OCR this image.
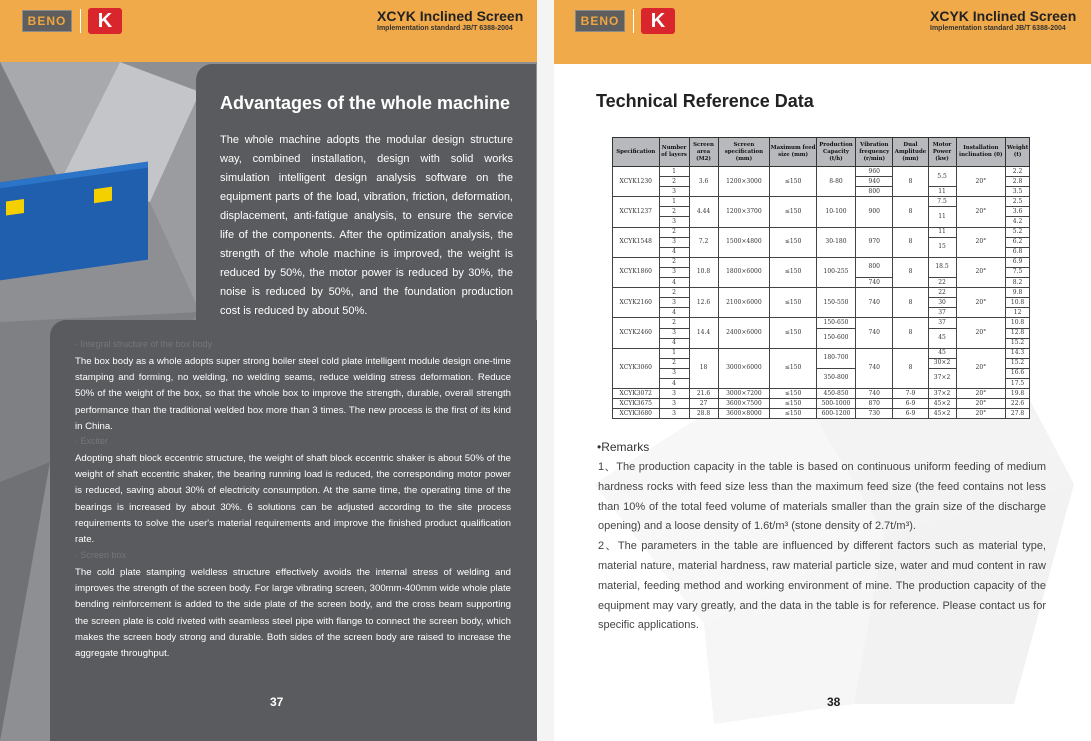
BENO	K	XCYK Inclined Screen
Implementation standard JB/T 6388-2004
Advantages of the whole machine
The whole machine adopts the modular design structure way, combined installation, design with solid works simulation intelligent design analysis software on the equipment parts of the load, vibration, friction, deformation, displacement, anti-fatigue analysis, to ensure the service life of the components. After the optimization analysis, the strength of the whole machine is improved, the weight is reduced by 50%, the motor power is reduced by 30%, the noise is reduced by 50%, and the foundation production cost is reduced by about 50%.
· Integral structure of the box body
The box body as a whole adopts super strong boiler steel cold plate intelligent module design one-time stamping and forming, no welding, no welding seams, reduce welding stress deformation. Reduce 50% of the weight of the box, so that the whole box to improve the strength, durable, overall strength performance than the traditional welded box more than 3 times. The new process is the first of its kind in China.
· Exciter
Adopting shaft block eccentric structure, the weight of shaft block eccentric shaker is about 50% of the weight of shaft eccentric shaker, the bearing running load is reduced, the corresponding motor power is reduced, saving about 30% of electricity consumption. At the same time, the operating time of the bearings is increased by about 30%. 6 solutions can be adjusted according to the site process requirements to solve the user's material requirements and improve the finished product qualification rate.
· Screen box
The cold plate stamping weldless structure effectively avoids the internal stress of welding and improves the strength of the screen body. For large vibrating screen, 300mm-400mm wide whole plate bending reinforcement is added to the side plate of the screen body, and the cross beam supporting the screen plate is cold riveted with seamless steel pipe with flange to connect the screen body, which makes the screen body strong and durable. Both sides of the screen body are raised to increase the aggregate throughput.
37
BENO	K	XCYK Inclined Screen
Implementation standard JB/T 6388-2004
Technical Reference Data
Specification	Number of layers	Screen area (M2)	Screen specification (mm)	Maximum feed size (mm)	Production Capacity (t/h)	Vibration frequency (r/min)	Dual Amplitude (mm)	Motor Power (kw)	Installation inclination (0)	Weight (t)
XCYK1230	1	3.6	1200×3000	≤150	8-80	960	8	5.5	20°	2.2
	2					940				2.8
	3					800		11		3.5
XCYK1237	1	4.44	1200×3700	≤150	10-100	900	8	7.5	20°	2.5
	2							11		3.6
	3									4.2
XCYK1548	2	7.2	1500×4800	≤150	30-180	970	8	11	20°	5.2
	3							15		6.2
	4									6.8
XCYK1860	2	10.8	1800×6000	≤150	100-255	800	8	18.5	20°	6.9
	3									7.5
	4					740		22		8.2
XCYK2160	2	12.6	2100×6000	≤150	150-550	740	8	22	20°	9.8
	3							30		10.8
	4							37		12
XCYK2460	2	14.4	2400×6000	≤150	150-650	740	8	37	20°	10.8
	3				150-600			45		12.8
	4									15.2
XCYK3060	1	18	3000×6000	≤150	180-700	740	8	45	20°	14.3
	2							30×2		15.2
	3				350-800			37×2		16.6
	4									17.5
XCYK3072	3	21.6	3000×7200	≤150	450-850	740	7-9	37×2	20°	19.8
XCYK3675	3	27	3600×7500	≤150	500-1000	870	6-9	45×2	20°	22.6
XCYK3680	3	28.8	3600×8000	≤150	600-1200	730	6-9	45×2	20°	27.8
•Remarks

1、The production capacity in the table is based on continuous uniform feeding of medium hardness rocks with feed size less than the maximum feed size (the feed contains not less than 10% of the total feed volume of materials smaller than the grain size of the discharge opening) and a loose density of 1.6t/m³ (stone density of 2.7t/m³).

2、The parameters in the table are influenced by different factors such as material type, material nature, material hardness, raw material particle size, water and mud content in raw material, feeding method and working environment of mine. The production capacity of the equipment may vary greatly, and the data in the table is for reference. Please contact us for specific applications.

38
